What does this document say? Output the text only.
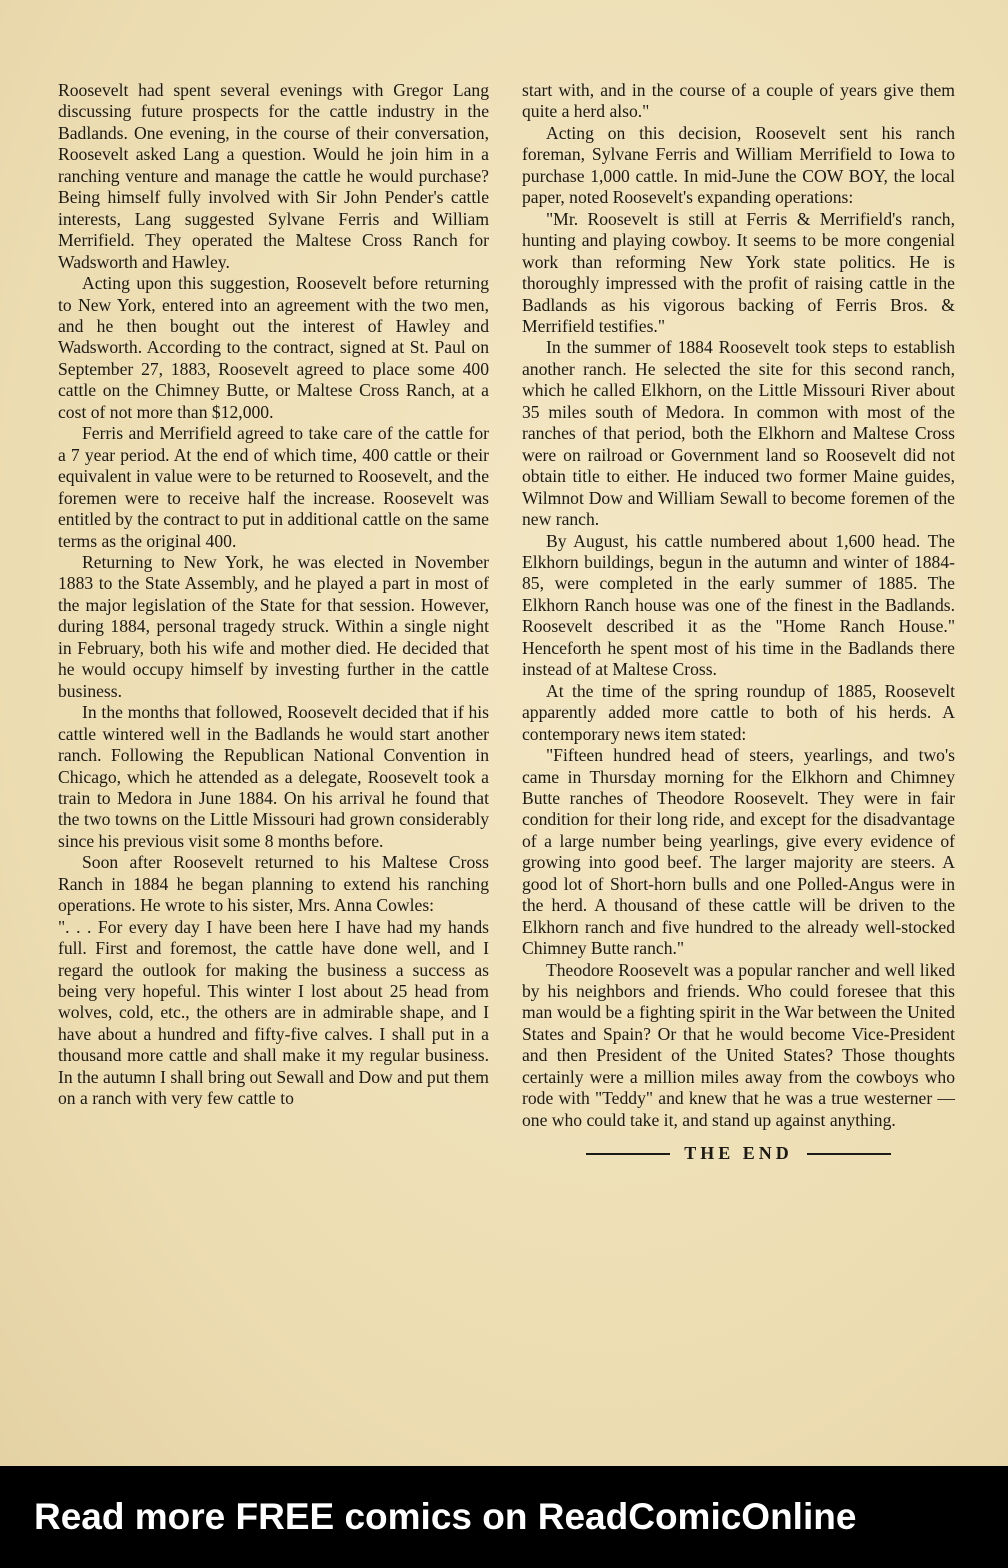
Roosevelt had spent several evenings with Gregor Lang discussing future prospects for the cattle industry in the Badlands. One evening, in the course of their conversation, Roosevelt asked Lang a question. Would he join him in a ranching venture and manage the cattle he would purchase? Being himself fully involved with Sir John Pender's cattle interests, Lang suggested Sylvane Ferris and William Merrifield. They operated the Maltese Cross Ranch for Wadsworth and Hawley.

Acting upon this suggestion, Roosevelt before returning to New York, entered into an agreement with the two men, and he then bought out the interest of Hawley and Wadsworth. According to the contract, signed at St. Paul on September 27, 1883, Roosevelt agreed to place some 400 cattle on the Chimney Butte, or Maltese Cross Ranch, at a cost of not more than $12,000.

Ferris and Merrifield agreed to take care of the cattle for a 7 year period. At the end of which time, 400 cattle or their equivalent in value were to be returned to Roosevelt, and the foremen were to receive half the increase. Roosevelt was entitled by the contract to put in additional cattle on the same terms as the original 400.

Returning to New York, he was elected in November 1883 to the State Assembly, and he played a part in most of the major legislation of the State for that session. However, during 1884, personal tragedy struck. Within a single night in February, both his wife and mother died. He decided that he would occupy himself by investing further in the cattle business.

In the months that followed, Roosevelt decided that if his cattle wintered well in the Badlands he would start another ranch. Following the Republican National Convention in Chicago, which he attended as a delegate, Roosevelt took a train to Medora in June 1884. On his arrival he found that the two towns on the Little Missouri had grown considerably since his previous visit some 8 months before.

Soon after Roosevelt returned to his Maltese Cross Ranch in 1884 he began planning to extend his ranching operations. He wrote to his sister, Mrs. Anna Cowles:

". . . For every day I have been here I have had my hands full. First and foremost, the cattle have done well, and I regard the outlook for making the business a success as being very hopeful. This winter I lost about 25 head from wolves, cold, etc., the others are in admirable shape, and I have about a hundred and fifty-five calves. I shall put in a thousand more cattle and shall make it my regular business. In the autumn I shall bring out Sewall and Dow and put them on a ranch with very few cattle to

start with, and in the course of a couple of years give them quite a herd also."

Acting on this decision, Roosevelt sent his ranch foreman, Sylvane Ferris and William Merrifield to Iowa to purchase 1,000 cattle. In mid-June the COW BOY, the local paper, noted Roosevelt's expanding operations:

"Mr. Roosevelt is still at Ferris & Merrifield's ranch, hunting and playing cowboy. It seems to be more congenial work than reforming New York state politics. He is thoroughly impressed with the profit of raising cattle in the Badlands as his vigorous backing of Ferris Bros. & Merrifield testifies."

In the summer of 1884 Roosevelt took steps to establish another ranch. He selected the site for this second ranch, which he called Elkhorn, on the Little Missouri River about 35 miles south of Medora. In common with most of the ranches of that period, both the Elkhorn and Maltese Cross were on railroad or Government land so Roosevelt did not obtain title to either. He induced two former Maine guides, Wilmnot Dow and William Sewall to become foremen of the new ranch.

By August, his cattle numbered about 1,600 head. The Elkhorn buildings, begun in the autumn and winter of 1884-85, were completed in the early summer of 1885. The Elkhorn Ranch house was one of the finest in the Badlands. Roosevelt described it as the "Home Ranch House." Henceforth he spent most of his time in the Badlands there instead of at Maltese Cross.

At the time of the spring roundup of 1885, Roosevelt apparently added more cattle to both of his herds. A contemporary news item stated:

"Fifteen hundred head of steers, yearlings, and two's came in Thursday morning for the Elkhorn and Chimney Butte ranches of Theodore Roosevelt. They were in fair condition for their long ride, and except for the disadvantage of a large number being yearlings, give every evidence of growing into good beef. The larger majority are steers. A good lot of Short-horn bulls and one Polled-Angus were in the herd. A thousand of these cattle will be driven to the Elkhorn ranch and five hundred to the already well-stocked Chimney Butte ranch."

Theodore Roosevelt was a popular rancher and well liked by his neighbors and friends. Who could foresee that this man would be a fighting spirit in the War between the United States and Spain? Or that he would become Vice-President and then President of the United States? Those thoughts certainly were a million miles away from the cowboys who rode with "Teddy" and knew that he was a true westerner — one who could take it, and stand up against anything.

THE END
Read more FREE comics on ReadComicOnline
